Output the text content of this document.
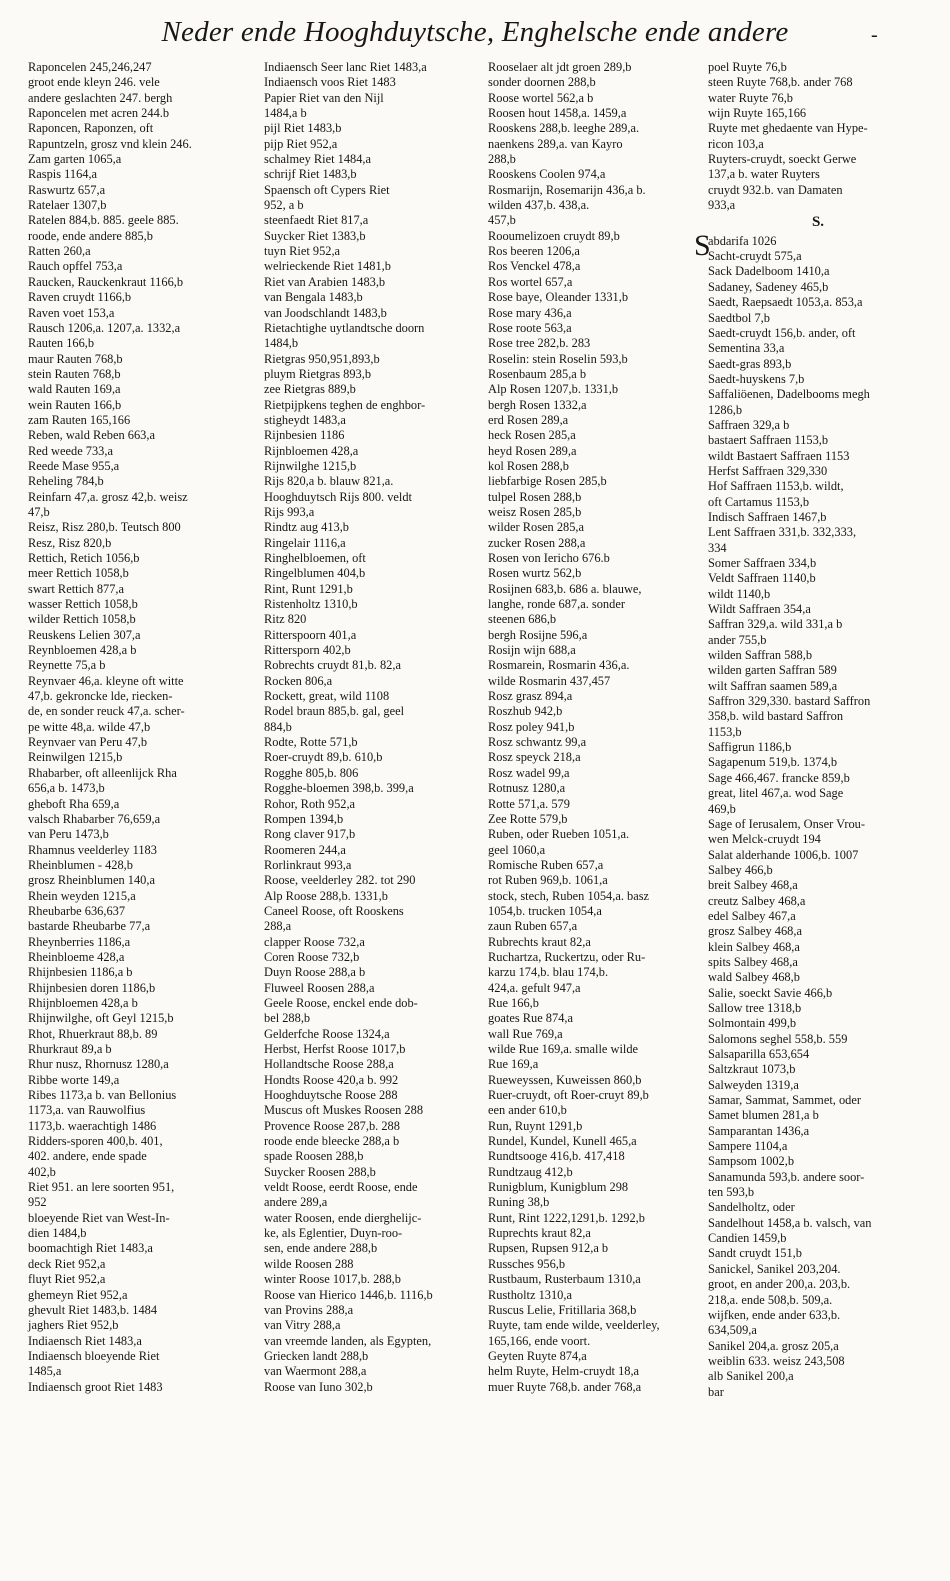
Neder ende Hooghduytsche, Enghelsche ende andere	-

Raponcelen 245,246,247

groot ende kleyn 246. vele

andere geslachten 247. bergh

Raponcelen met acren 244.b

Raponcen, Raponzen, oft

Rapuntzeln, grosz vnd klein 246.

Zam garten 1065,a

Raspis 1164,a

Raswurtz 657,a

Ratelaer 1307,b

Ratelen 884,b. 885. geele 885.

roode, ende andere 885,b

Ratten 260,a

Rauch opffel 753,a

Raucken, Rauckenkraut 1166,b

Raven cruydt 1166,b

Raven voet 153,a

Rausch 1206,a. 1207,a. 1332,a

Rauten 166,b

maur Rauten 768,b

stein Rauten 768,b

wald Rauten 169,a

wein Rauten 166,b

zam Rauten 165,166

Reben, wald Reben 663,a

Red weede 733,a

Reede Mase 955,a

Reheling 784,b

Reinfarn 47,a. grosz 42,b. weisz

47,b

Reisz, Risz 280,b. Teutsch 800

Resz, Risz 820,b

Rettich, Retich 1056,b

meer Rettich 1058,b

swart Rettich 877,a

wasser Rettich 1058,b

wilder Rettich 1058,b

Reuskens Lelien 307,a

Reynbloemen 428,a b

Reynette 75,a b

Reynvaer 46,a. kleyne oft witte

47,b. gekroncke lde, riecken-

de, en sonder reuck 47,a. scher-

pe witte 48,a. wilde 47,b

Reynvaer van Peru 47,b

Reinwilgen 1215,b

Rhabarber, oft alleenlijck Rha

656,a b. 1473,b

gheboft Rha 659,a

valsch Rhabarber 76,659,a

van Peru 1473,b

Rhamnus veelderley 1183

Rheinblumen - 428,b

grosz Rheinblumen 140,a

Rhein weyden 1215,a

Rheubarbe 636,637

bastarde Rheubarbe 77,a

Rheynberries 1186,a

Rheinbloeme 428,a

Rhijnbesien 1186,a b

Rhijnbesien doren 1186,b

Rhijnbloemen 428,a b

Rhijnwilghe, oft Geyl 1215,b

Rhot, Rhuerkraut 88,b. 89

Rhurkraut 89,a b

Rhur nusz, Rhornusz 1280,a

Ribbe worte 149,a

Ribes 1173,a b. van Bellonius

1173,a. van Rauwolfius

1173,b. waerachtigh 1486

Ridders-sporen 400,b. 401,

402. andere, ende spade

402,b

Riet 951. an lere soorten 951,

952

bloeyende Riet van West-In-

dien 1484,b

boomachtigh Riet 1483,a

deck Riet 952,a

fluyt Riet 952,a

ghemeyn Riet 952,a

ghevult Riet 1483,b. 1484

jaghers Riet 952,b

Indiaensch Riet 1483,a

Indiaensch bloeyende Riet

1485,a

Indiaensch groot Riet 1483

Indiaensch Seer lanc Riet 1483,a

Indiaensch voos Riet 1483

Papier Riet van den Nijl

1484,a b

pijl Riet 1483,b

pijp Riet 952,a

schalmey Riet 1484,a

schrijf Riet 1483,b

Spaensch oft Cypers Riet

952, a b

steenfaedt Riet 817,a

Suycker Riet 1383,b

tuyn Riet 952,a

welrieckende Riet 1481,b

Riet van Arabien 1483,b

van Bengala 1483,b

van Joodschlandt 1483,b

Rietachtighe uytlandtsche doorn

1484,b

Rietgras 950,951,893,b

pluym Rietgras 893,b

zee Rietgras 889,b

Rietpijpkens teghen de enghbor-

stigheydt 1483,a

Rijnbesien 1186

Rijnbloemen 428,a

Rijnwilghe 1215,b

Rijs 820,a b. blauw 821,a.

Hooghduytsch Rijs 800. veldt

Rijs 993,a

Rindtz aug 413,b

Ringelair 1116,a

Ringhelbloemen, oft

Ringelblumen 404,b

Rint, Runt 1291,b

Ristenholtz 1310,b

Ritz 820

Ritterspoorn 401,a

Rittersporn 402,b

Robrechts cruydt 81,b. 82,a

Rocken 806,a

Rockett, great, wild 1108

Rodel braun 885,b. gal, geel

884,b

Rodte, Rotte 571,b

Roer-cruydt 89,b. 610,b

Rogghe 805,b. 806

Rogghe-bloemen 398,b. 399,a

Rohor, Roth 952,a

Rompen 1394,b

Rong claver 917,b

Roomeren 244,a

Rorlinkraut 993,a

Roose, veelderley 282. tot 290

Alp Roose 288,b. 1331,b

Caneel Roose, oft Rooskens

288,a

clapper Roose 732,a

Coren Roose 732,b

Duyn Roose 288,a b

Fluweel Roosen 288,a

Geele Roose, enckel ende dob-

bel 288,b

Gelderfche Roose 1324,a

Herbst, Herfst Roose 1017,b

Hollandtsche Roose 288,a

Hondts Roose 420,a b. 992

Hooghduytsche Roose 288

Muscus oft Muskes Roosen 288

Provence Roose 287,b. 288

roode ende bleecke 288,a b

spade Roosen 288,b

Suycker Roosen 288,b

veldt Roose, eerdt Roose, ende

andere 289,a

water Roosen, ende dierghelijc-

ke, als Eglentier, Duyn-roo-

sen, ende andere 288,b

wilde Roosen 288

winter Roose 1017,b. 288,b

Roose van Hierico 1446,b. 1116,b

van Provins 288,a

van Vitry 288,a

van vreemde landen, als Egypten,

Griecken landt 288,b

van Waermont 288,a

Roose van Iuno 302,b

Rooselaer alt jdt groen 289,b

sonder doornen 288,b

Roose wortel 562,a b

Roosen hout 1458,a. 1459,a

Rooskens 288,b. leeghe 289,a.

naenkens 289,a. van Kayro

288,b

Rooskens Coolen 974,a

Rosmarijn, Rosemarijn 436,a b.

wilden 437,b. 438,a.

457,b

Rooumelizoen cruydt 89,b

Ros beeren 1206,a

Ros Venckel 478,a

Ros wortel 657,a

Rose baye, Oleander 1331,b

Rose mary 436,a

Rose roote 563,a

Rose tree 282,b. 283

Roselin: stein Roselin 593,b

Rosenbaum 285,a b

Alp Rosen 1207,b. 1331,b

bergh Rosen 1332,a

erd Rosen 289,a

heck Rosen 285,a

heyd Rosen 289,a

kol Rosen 288,b

liebfarbige Rosen 285,b

tulpel Rosen 288,b

weisz Rosen 285,b

wilder Rosen 285,a

zucker Rosen 288,a

Rosen von Iericho 676.b

Rosen wurtz 562,b

Rosijnen 683,b. 686 a. blauwe,

langhe, ronde 687,a. sonder

steenen 686,b

bergh Rosijne 596,a

Rosijn wijn 688,a

Rosmarein, Rosmarin 436,a.

wilde Rosmarin 437,457

Rosz grasz 894,a

Roszhub 942,b

Rosz poley 941,b

Rosz schwantz 99,a

Rosz speyck 218,a

Rosz wadel 99,a

Rotnusz 1280,a

Rotte 571,a. 579

Zee Rotte 579,b

Ruben, oder Rueben 1051,a.

geel 1060,a

Romische Ruben 657,a

rot Ruben 969,b. 1061,a

stock, stech, Ruben 1054,a. basz

1054,b. trucken 1054,a

zaun Ruben 657,a

Rubrechts kraut 82,a

Ruchartza, Ruckertzu, oder Ru-

karzu 174,b. blau 174,b.

424,a. gefult 947,a

Rue 166,b

goates Rue 874,a

wall Rue 769,a

wilde Rue 169,a. smalle wilde

Rue 169,a

Rueweyssen, Kuweissen 860,b

Ruer-cruydt, oft Roer-cruyt 89,b

een ander 610,b

Run, Ruynt 1291,b

Rundel, Kundel, Kunell 465,a

Rundtsooge 416,b. 417,418

Rundtzaug 412,b

Runigblum, Kunigblum 298

Runing 38,b

Runt, Rint 1222,1291,b. 1292,b

Ruprechts kraut 82,a

Rupsen, Rupsen 912,a b

Russches 956,b

Rustbaum, Rusterbaum 1310,a

Rustholtz 1310,a

Ruscus Lelie, Fritillaria 368,b

Ruyte, tam ende wilde, veelderley,

165,166, ende voort.

Geyten Ruyte 874,a

helm Ruyte, Helm-cruydt 18,a

muer Ruyte 768,b. ander 768,a

poel Ruyte 76,b

steen Ruyte 768,b. ander 768

water Ruyte 76,b

wijn Ruyte 165,166

Ruyte met ghedaente van Hype-

ricon 103,a

Ruyters-cruydt, soeckt Gerwe

137,a b. water Ruyters

cruydt 932.b. van Damaten

933,a

S.

Sabdarifa 1026

Sacht-cruydt 575,a

Sack Dadelboom 1410,a

Sadaney, Sadeney 465,b

Saedt, Raepsaedt 1053,a. 853,a

Saedtbol 7,b

Saedt-cruydt 156,b. ander, oft

Sementina 33,a

Saedt-gras 893,b

Saedt-huyskens 7,b

Saffaliöenen, Dadelbooms megh

1286,b

Saffraen 329,a b

bastaert Saffraen 1153,b

wildt Bastaert Saffraen 1153

Herfst Saffraen 329,330

Hof Saffraen 1153,b. wildt,

oft Cartamus 1153,b

Indisch Saffraen 1467,b

Lent Saffraen 331,b. 332,333,

334

Somer Saffraen 334,b

Veldt Saffraen 1140,b

wildt 1140,b

Wildt Saffraen 354,a

Saffran 329,a. wild 331,a b

ander 755,b

wilden Saffran 588,b

wilden garten Saffran 589

wilt Saffran saamen 589,a

Saffron 329,330. bastard Saffron

358,b. wild bastard Saffron

1153,b

Saffigrun 1186,b

Sagapenum 519,b. 1374,b

Sage 466,467. francke 859,b

great, litel 467,a. wod Sage

469,b

Sage of Ierusalem, Onser Vrou-

wen Melck-cruydt 194

Salat alderhande 1006,b. 1007

Salbey 466,b

breit Salbey 468,a

creutz Salbey 468,a

edel Salbey 467,a

grosz Salbey 468,a

klein Salbey 468,a

spits Salbey 468,a

wald Salbey 468,b

Salie, soeckt Savie 466,b

Sallow tree 1318,b

Solmontain 499,b

Salomons seghel 558,b. 559

Salsaparilla 653,654

Saltzkraut 1073,b

Salweyden 1319,a

Samar, Sammat, Sammet, oder

Samet blumen 281,a b

Samparantan 1436,a

Sampere 1104,a

Sampsom 1002,b

Sanamunda 593,b. andere soor-

ten 593,b

Sandelholtz, oder

Sandelhout 1458,a b. valsch, van

Candien 1459,b

Sandt cruydt 151,b

Sanickel, Sanikel 203,204.

groot, en ander 200,a. 203,b.

218,a. ende 508,b. 509,a.

wijfken, ende ander 633,b.

634,509,a

Sanikel 204,a. grosz 205,a

weiblin 633. weisz 243,508

alb Sanikel 200,a

bar
